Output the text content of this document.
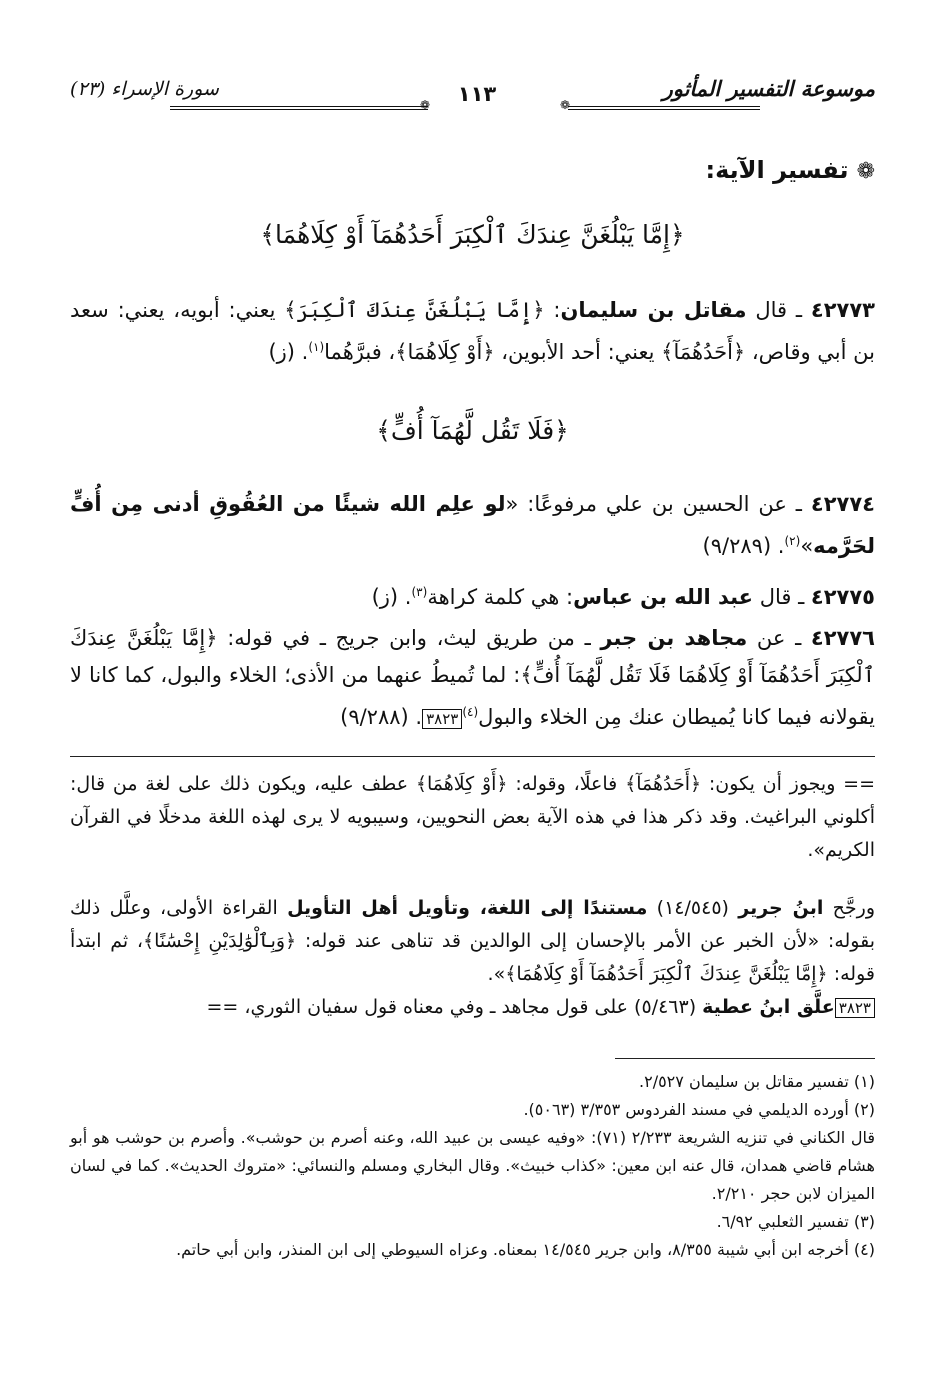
موسوعة التفسير المأثور
❁
١١٣
❁
سورة الإسراء (٢٣)
❁تفسير الآية:
﴿إِمَّا يَبْلُغَنَّ عِندَكَ ٱلْكِبَرَ أَحَدُهُمَآ أَوْ كِلَاهُمَا﴾
٤٢٧٧٣ ـ قال مقاتل بن سليمان: ﴿إِمَّا يَبْلُغَنَّ عِندَكَ ٱلْكِبَرَ﴾ يعني: أبويه، يعني: سعد بن أبي وقاص، ﴿أَحَدُهُمَآ﴾ يعني: أحد الأبوين، ﴿أَوْ كِلَاهُمَا﴾، فبرَّهُما$^{(١)}$. (ز)
﴿فَلَا تَقُل لَّهُمَآ أُفٍّ﴾
٤٢٧٧٤ ـ عن الحسين بن علي مرفوعًا: «لو علِم الله شيئًا من العُقُوقِ أدنى مِن أُفٍّ لحَرَّمه»$^{(٢)}$. (٩/٢٨٩)
٤٢٧٧٥ ـ قال عبد الله بن عباس: هي كلمة كراهة$^{(٣)}$. (ز)
٤٢٧٧٦ ـ عن مجاهد بن جبر ـ من طريق ليث، وابن جريج ـ في قوله: ﴿إِمَّا يَبْلُغَنَّ عِندَكَ ٱلْكِبَرَ أَحَدُهُمَآ أَوْ كِلَاهُمَا فَلَا تَقُل لَّهُمَآ أُفٍّ﴾: لما تُميطُ عنهما من الأذى؛ الخلاء والبول، كما كانا لا يقولانه فيما كانا يُميطان عنك مِن الخلاء والبول$^{(٤)}$٣٨٢٣. (٩/٢٨٨)
== ويجوز أن يكون: ﴿أَحَدُهُمَآ﴾ فاعلًا، وقوله: ﴿أَوْ كِلَاهُمَا﴾ عطف عليه، ويكون ذلك على لغة من قال: أكلوني البراغيث. وقد ذكر هذا في هذه الآية بعض النحويين، وسيبويه لا يرى لهذه اللغة مدخلًا في القرآن الكريم».
ورجَّح ابنُ جرير (١٤/٥٤٥) مستندًا إلى اللغة، وتأويل أهل التأويل القراءة الأولى، وعلَّل ذلك بقوله: «لأن الخبر عن الأمر بالإحسان إلى الوالدين قد تناهى عند قوله: ﴿وَبِٱلْوَٰلِدَيْنِ إِحْسَٰنًا﴾، ثم ابتدأ قوله: ﴿إِمَّا يَبْلُغَنَّ عِندَكَ ٱلْكِبَرَ أَحَدُهُمَآ أَوْ كِلَاهُمَا﴾».
٣٨٢٣علَّق ابنُ عطية (٥/٤٦٣) على قول مجاهد ـ وفي معناه قول سفيان الثوري، ==
(١) تفسير مقاتل بن سليمان ٢/٥٢٧.
(٢) أورده الديلمي في مسند الفردوس ٣/٣٥٣ (٥٠٦٣).
قال الكناني في تنزيه الشريعة ٢/٢٣٣ (٧١): «وفيه عيسى بن عبيد الله، وعنه أصرم بن حوشب». وأصرم بن حوشب هو أبو هشام قاضي همدان، قال عنه ابن معين: «كذاب خبيث». وقال البخاري ومسلم والنسائي: «متروك الحديث». كما في لسان الميزان لابن حجر ٢/٢١٠.
(٣) تفسير الثعلبي ٦/٩٢.
(٤) أخرجه ابن أبي شيبة ٨/٣٥٥، وابن جرير ١٤/٥٤٥ بمعناه. وعزاه السيوطي إلى ابن المنذر، وابن أبي حاتم.
